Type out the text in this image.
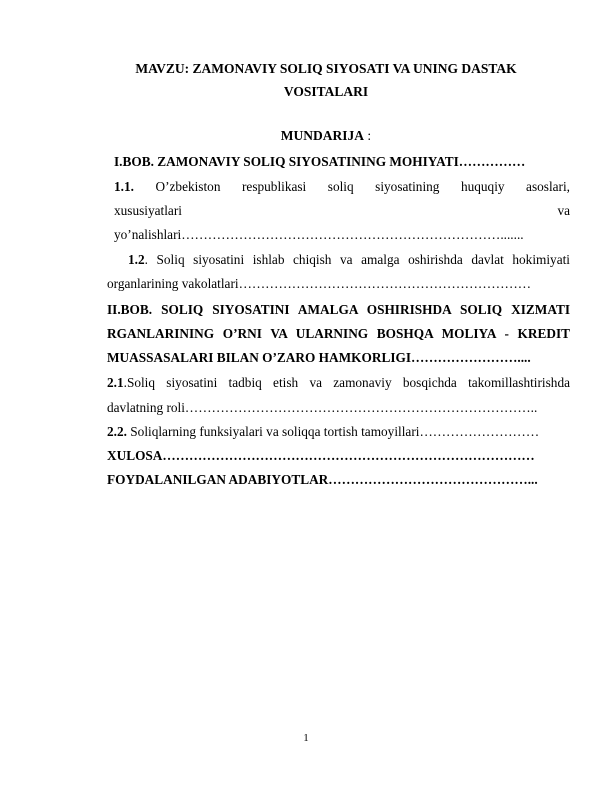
MAVZU: ZAMONAVIY SOLIQ SIYOSATI VA UNING DASTAK
VOSITALARI
MUNDARIJA :
I.BOB. ZAMONAVIY SOLIQ SIYOSATINING MOHIYATI……………
1.1. O’zbekiston respublikasi soliq siyosatining huquqiy asoslari,
xususiyatlari va
yo’nalishlari……………………………………………………………….......
1.2. Soliq siyosatini ishlab chiqish va amalga oshirishda davlat hokimiyati
organlarining vakolatlari…………………………………………………………
II.BOB. SOLIQ SIYOSATINI AMALGA OSHIRISHDA SOLIQ XIZMATI
RGANLARINING O’RNI VA ULARNING BOSHQA MOLIYA - KREDIT
MUASSASALARI BILAN O’ZARO HAMKORLIGI……………………....
2.1.Soliq siyosatini tadbiq etish va zamonaviy bosqichda takomillashtirishda
davlatning roli……………………………………………………………………..
2.2. Soliqlarning funksiyalari va soliqqa tortish tamoyillari………………………
XULOSA…………………………………………………………………………
FOYDALANILGAN ADABIYOTLAR………………………………………...
1
